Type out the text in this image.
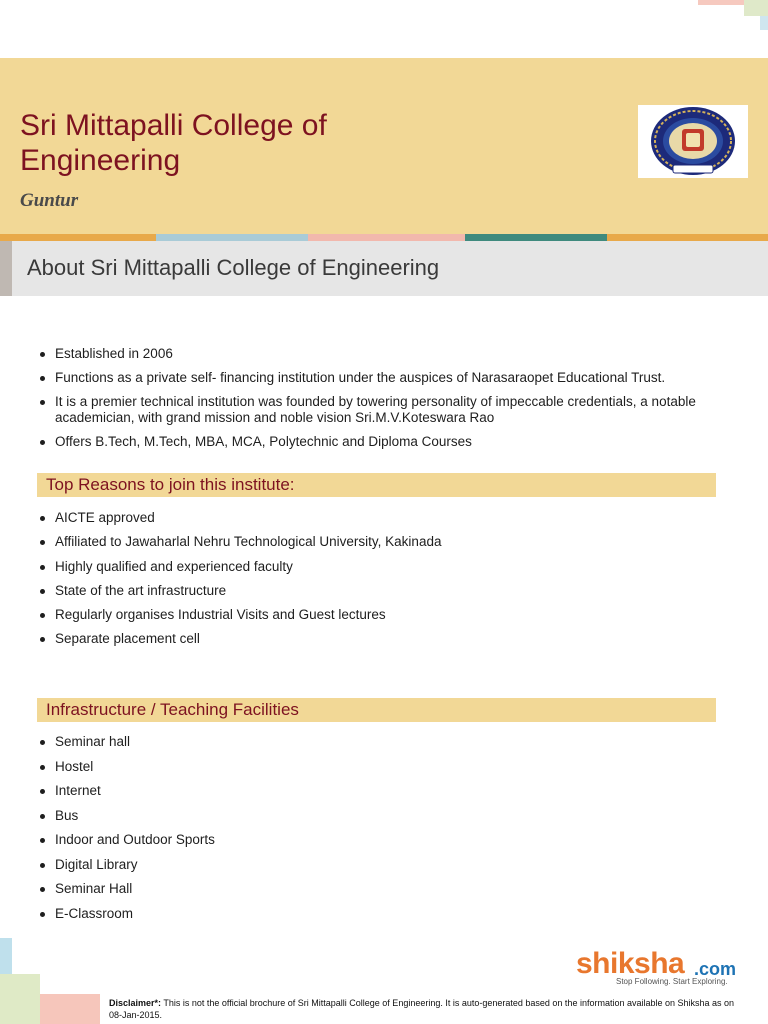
Sri Mittapalli College of Engineering
Guntur
About Sri Mittapalli College of Engineering
Established in 2006
Functions as a private self- financing institution under the auspices of Narasaraopet Educational Trust.
It is a premier technical institution was founded by towering personality of impeccable credentials, a notable academician, with grand mission and noble vision Sri.M.V.Koteswara Rao
Offers B.Tech, M.Tech, MBA, MCA, Polytechnic and Diploma Courses
Top Reasons to join this institute:
AICTE approved
Affiliated to Jawaharlal Nehru Technological University, Kakinada
Highly qualified and experienced faculty
State of the art infrastructure
Regularly organises Industrial Visits and Guest lectures
Separate placement cell
Infrastructure / Teaching Facilities
Seminar hall
Hostel
Internet
Bus
Indoor and Outdoor Sports
Digital Library
Seminar Hall
E-Classroom
shiksha .com
Stop Following. Start Exploring.
Disclaimer*: This is not the official brochure of Sri Mittapalli College of Engineering. It is auto-generated based on the information available on Shiksha as on 08-Jan-2015.
